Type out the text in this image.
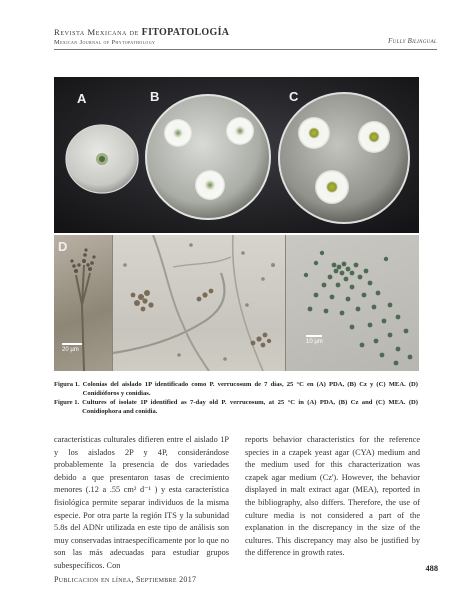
Revista Mexicana de FITOPATOLOGÍA
Mexican Journal of Phytopathology	Fully Bilingual
A	B	C
D
20 µm
10 µm
Figura 1. Colonias del aislado 1P identificado como P. verrucosum de 7 días, 25 °C en (A) PDA, (B) Cz y (C) MEA. (D) Conidióforos y conidias.
Figure 1. Cultures of isolate 1P identified as 7-day old P. verrucosum, at 25 °C in (A) PDA, (B) Cz and (C) MEA. (D) Conidiophora and conidia.
características culturales difieren entre el aislado 1P y los aislados 2P y 4P, considerándose probablemente la presencia de dos variedades debido a que presentaron tasas de crecimiento menores (.12 a .55 cm² d⁻¹ ) y esta característica fisiológica permite separar individuos de la misma especie. Por otra parte la región ITS y la subunidad 5.8s del ADNr utilizada en este tipo de análisis son muy conservadas intraespecíficamente por lo que no son las más adecuadas para estudiar grupos subespecíficos. Con
reports behavior characteristics for the reference species in a czapek yeast agar (CYA) medium and the medium used for this characterization was czapek agar medium (Cz'). However, the behavior displayed in malt extract agar (MEA), reported in the bibliography, also differs. Therefore, the use of culture media is not considered a part of the explanation in the discrepancy in the size of the cultures. This discrepancy may also be justified by the difference in growth rates.
Publicacion en línea, Septiembre 2017
488
